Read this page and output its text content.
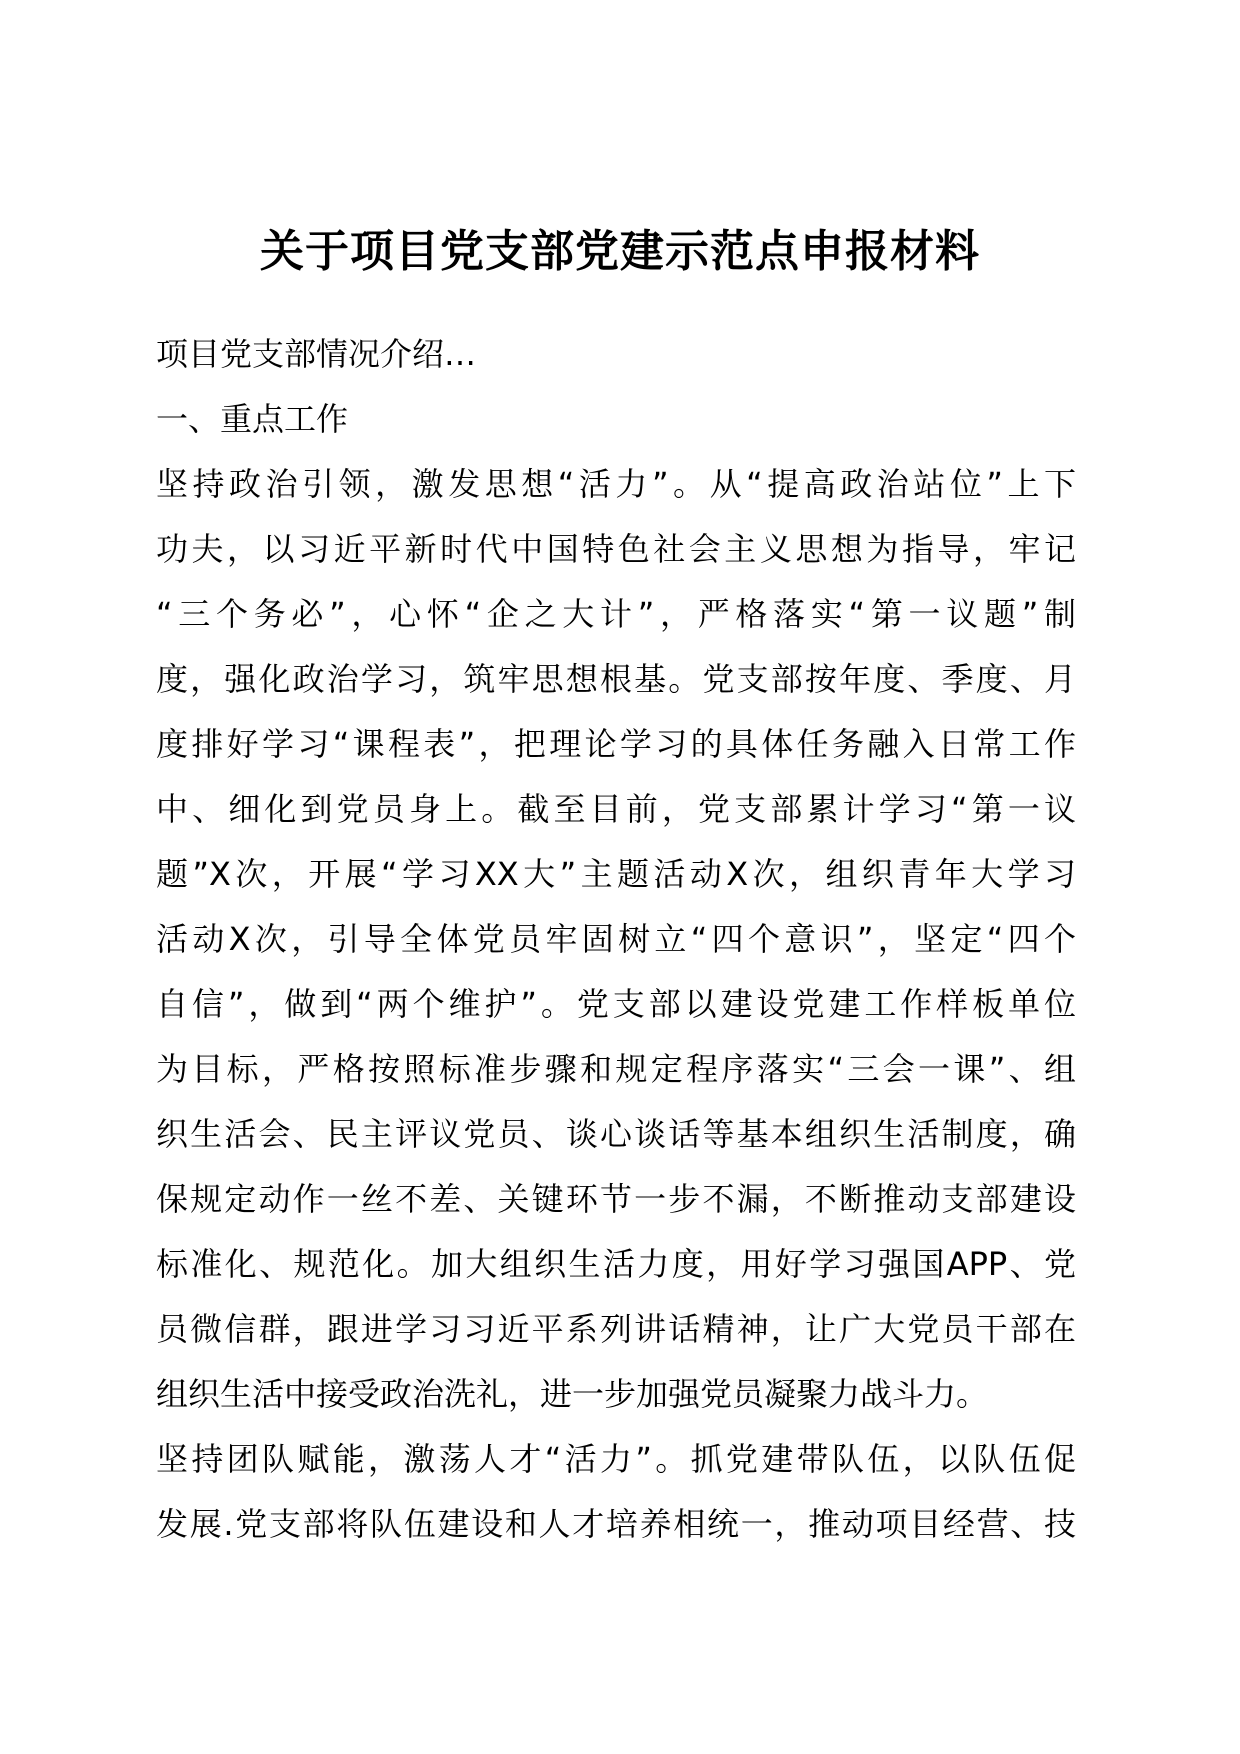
关于项目党支部党建示范点申报材料
项目党支部情况介绍…
一、重点工作
坚持政治引领，激发思想“活力”。从“提高政治站位”上下
功夫，以习近平新时代中国特色社会主义思想为指导，牢记
“三个务必”，心怀“企之大计”，严格落实“第一议题”制
度，强化政治学习，筑牢思想根基。党支部按年度、季度、月
度排好学习“课程表”，把理论学习的具体任务融入日常工作
中、细化到党员身上。截至目前，党支部累计学习“第一议
题”X次，开展“学习XX大”主题活动X次，组织青年大学习
活动X次，引导全体党员牢固树立“四个意识”，坚定“四个
自信”，做到“两个维护”。党支部以建设党建工作样板单位
为目标，严格按照标准步骤和规定程序落实“三会一课”、组
织生活会、民主评议党员、谈心谈话等基本组织生活制度，确
保规定动作一丝不差、关键环节一步不漏，不断推动支部建设
标准化、规范化。加大组织生活力度，用好学习强国APP、党
员微信群，跟进学习习近平系列讲话精神，让广大党员干部在
组织生活中接受政治洗礼，进一步加强党员凝聚力战斗力。
坚持团队赋能，激荡人才“活力”。抓党建带队伍，以队伍促
发展.党支部将队伍建设和人才培养相统一，推动项目经营、技
